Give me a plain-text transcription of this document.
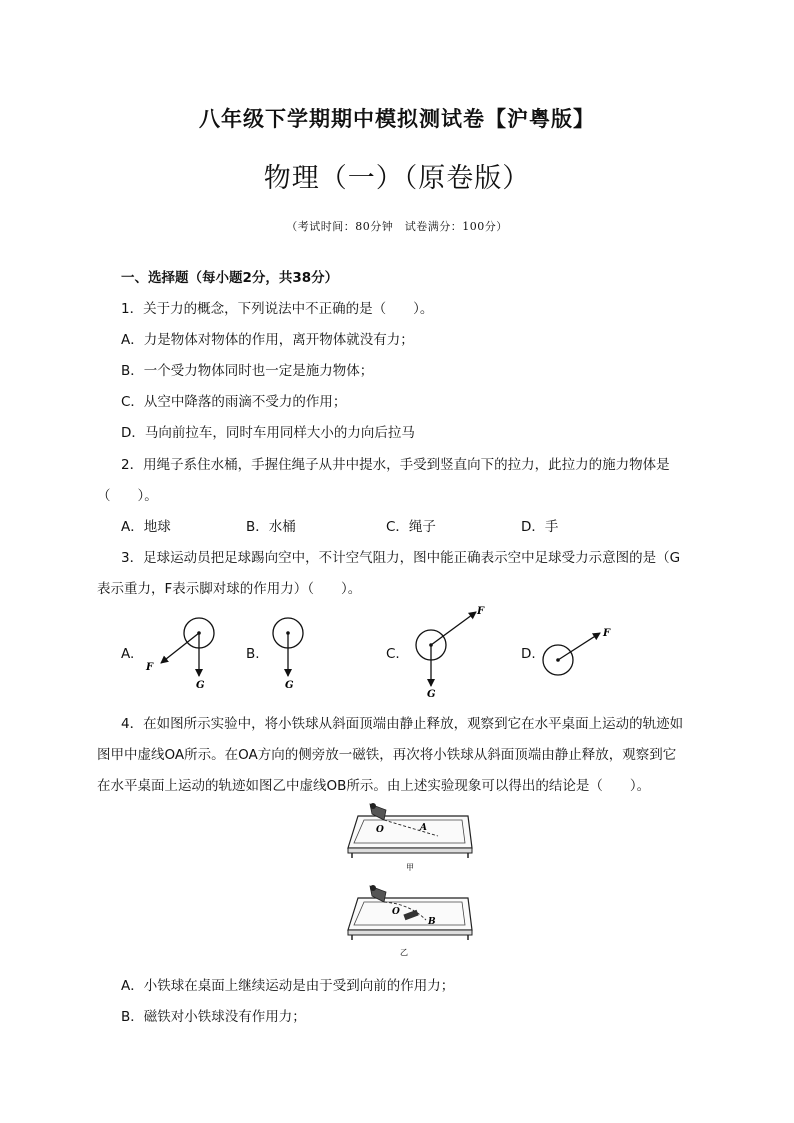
八年级下学期期中模拟测试卷【沪粤版】
物理（一）（原卷版）
（考试时间：80分钟　试卷满分：100分）
一、选择题（每小题2分，共38分）
1．关于力的概念，下列说法中不正确的是（　　）。
A．力是物体对物体的作用，离开物体就没有力；
B．一个受力物体同时也一定是施力物体；
C．从空中降落的雨滴不受力的作用；
D．马向前拉车，同时车用同样大小的力向后拉马
2．用绳子系住水桶，手握住绳子从井中提水，手受到竖直向下的拉力，此拉力的施力物体是
（　　）。
A．地球	B．水桶	C．绳子	D．手
3．足球运动员把足球踢向空中，不计空气阻力，图中能正确表示空中足球受力示意图的是（G
表示重力，F表示脚对球的作用力）（　　）。
A.	B.	C.	D.
F
G	G
F
G
F
4．在如图所示实验中，将小铁球从斜面顶端由静止释放，观察到它在水平桌面上运动的轨迹如
图甲中虚线OA所示。在OA方向的侧旁放一磁铁，再次将小铁球从斜面顶端由静止释放，观察到它
在水平桌面上运动的轨迹如图乙中虚线OB所示。由上述实验现象可以得出的结论是（　　）。
O	A
甲
O
B
乙
A．小铁球在桌面上继续运动是由于受到向前的作用力；
B．磁铁对小铁球没有作用力；
